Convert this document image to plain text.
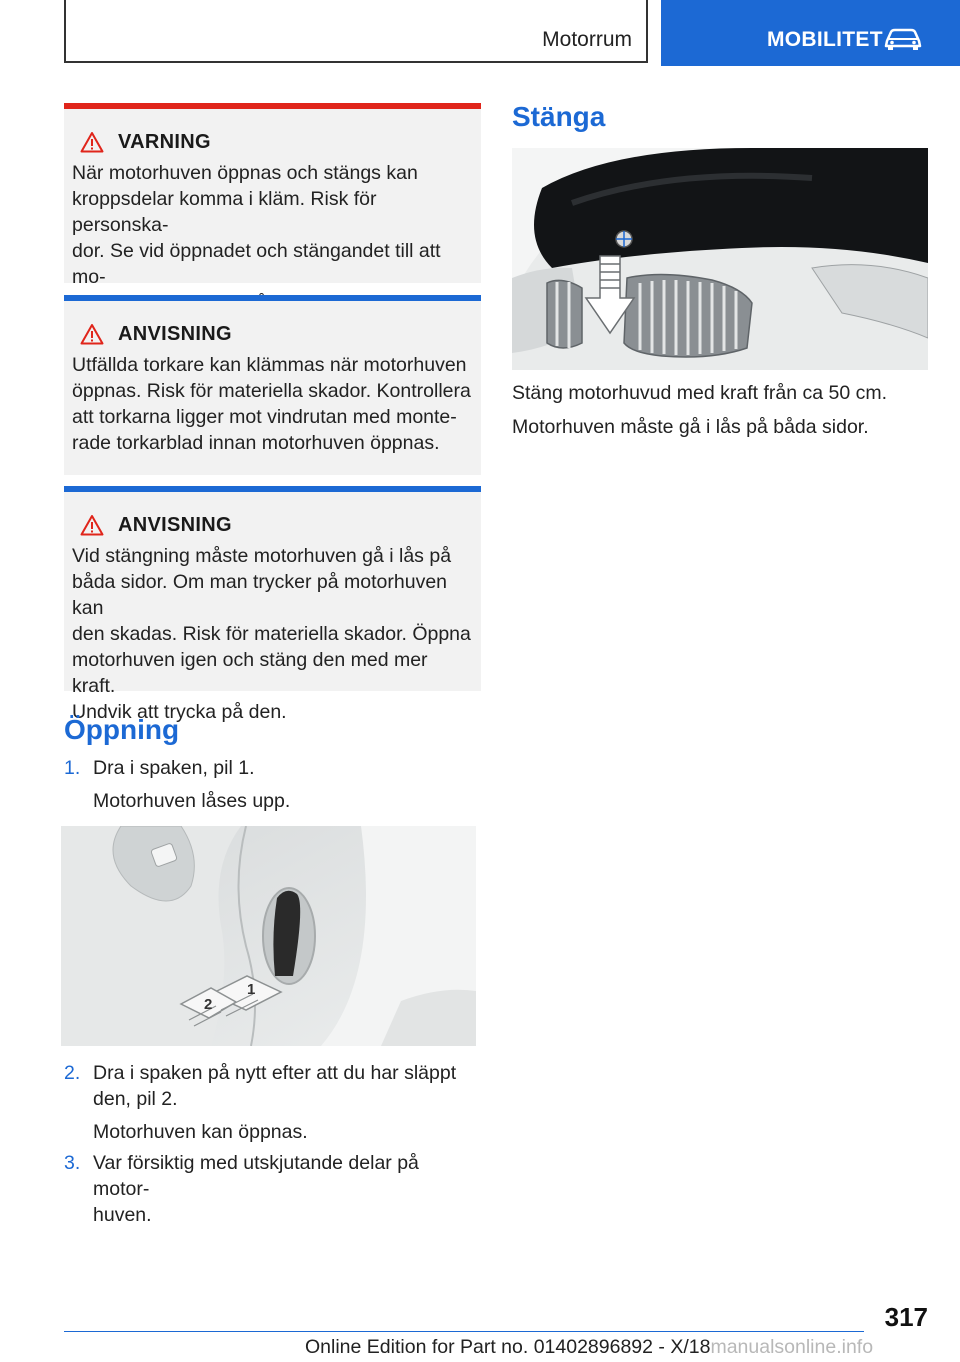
Motorrum	MOBILITET
VARNING
När motorhuven öppnas och stängs kan
kroppsdelar komma i kläm. Risk för personska-
dor. Se vid öppnadet och stängandet till att mo-
ANVISNING
Utfällda torkare kan klämmas när motorhuven
öppnas. Risk för materiella skador. Kontrollera
att torkarna ligger mot vindrutan med monte-
rade torkarblad innan motorhuven öppnas.
ANVISNING
Vid stängning måste motorhuven gå i lås på
båda sidor. Om man trycker på motorhuven kan
den skadas. Risk för materiella skador. Öppna
motorhuven igen och stäng den med mer kraft.
Undvik att trycka på den.
Öppning
1. Dra i spaken, pil 1.
Motorhuven låses upp.
1
2
2. Dra i spaken på nytt efter att du har släppt
den, pil 2.
Motorhuven kan öppnas.
3. Var försiktig med utskjutande delar på motor-
huven.
Stänga
Stäng motorhuvud med kraft från ca 50 cm.
Motorhuven måste gå i lås på båda sidor.
317
Online Edition for Part no. 01402896892 - X/18manualsonline.info
